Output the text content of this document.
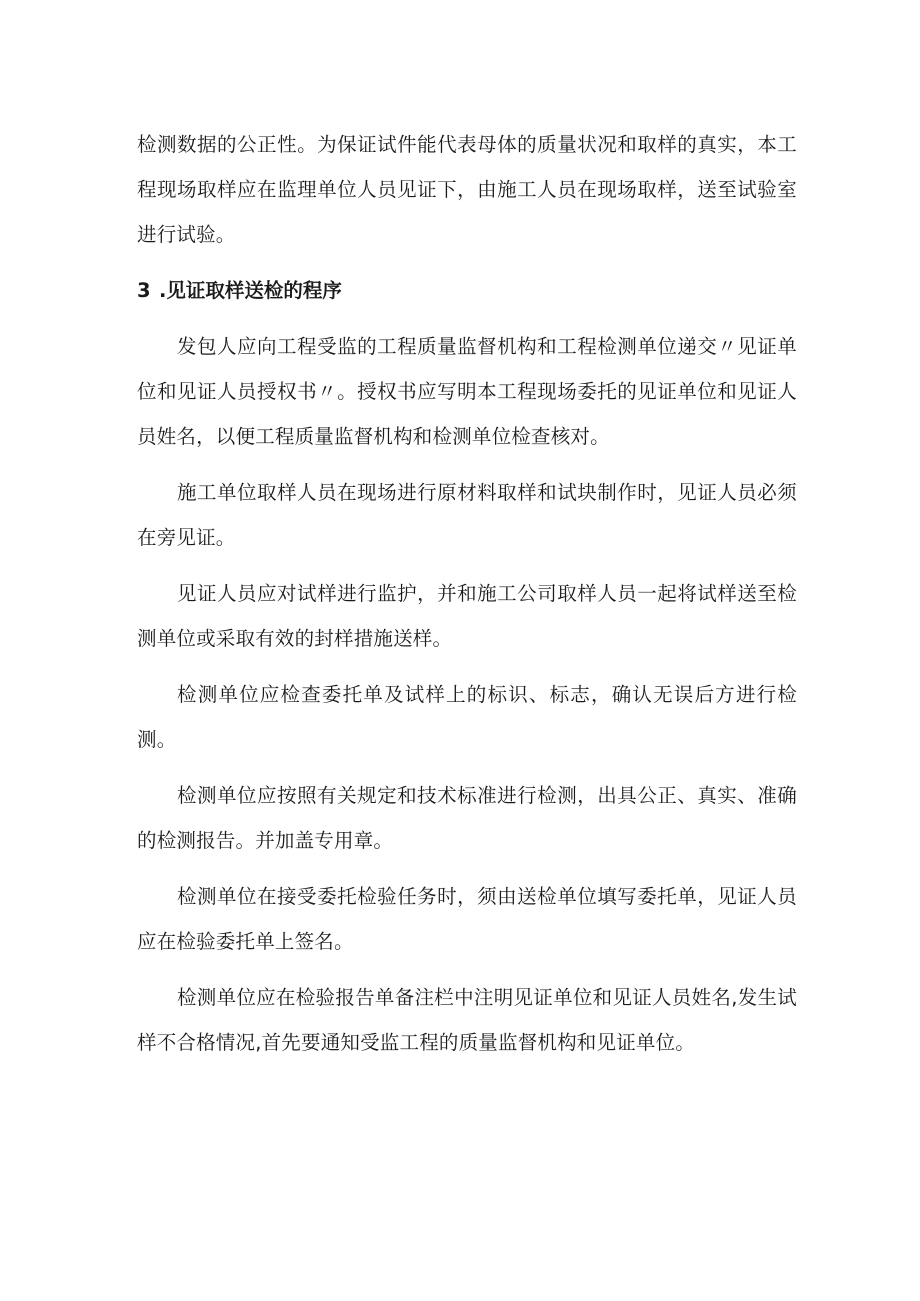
检测数据的公正性。为保证试件能代表母体的质量状况和取样的真实，本工程现场取样应在监理单位人员见证下，由施工人员在现场取样，送至试验室进行试验。

3 .见证取样送检的程序

发包人应向工程受监的工程质量监督机构和工程检测单位递交〃见证单位和见证人员授权书〃。授权书应写明本工程现场委托的见证单位和见证人员姓名，以便工程质量监督机构和检测单位检查核对。

施工单位取样人员在现场进行原材料取样和试块制作时，见证人员必须在旁见证。

见证人员应对试样进行监护，并和施工公司取样人员一起将试样送至检测单位或采取有效的封样措施送样。

检测单位应检查委托单及试样上的标识、标志，确认无误后方进行检测。

检测单位应按照有关规定和技术标准进行检测，出具公正、真实、准确的检测报告。并加盖专用章。

检测单位在接受委托检验任务时，须由送检单位填写委托单，见证人员应在检验委托单上签名。

检测单位应在检验报告单备注栏中注明见证单位和见证人员姓名,发生试样不合格情况,首先要通知受监工程的质量监督机构和见证单位。
